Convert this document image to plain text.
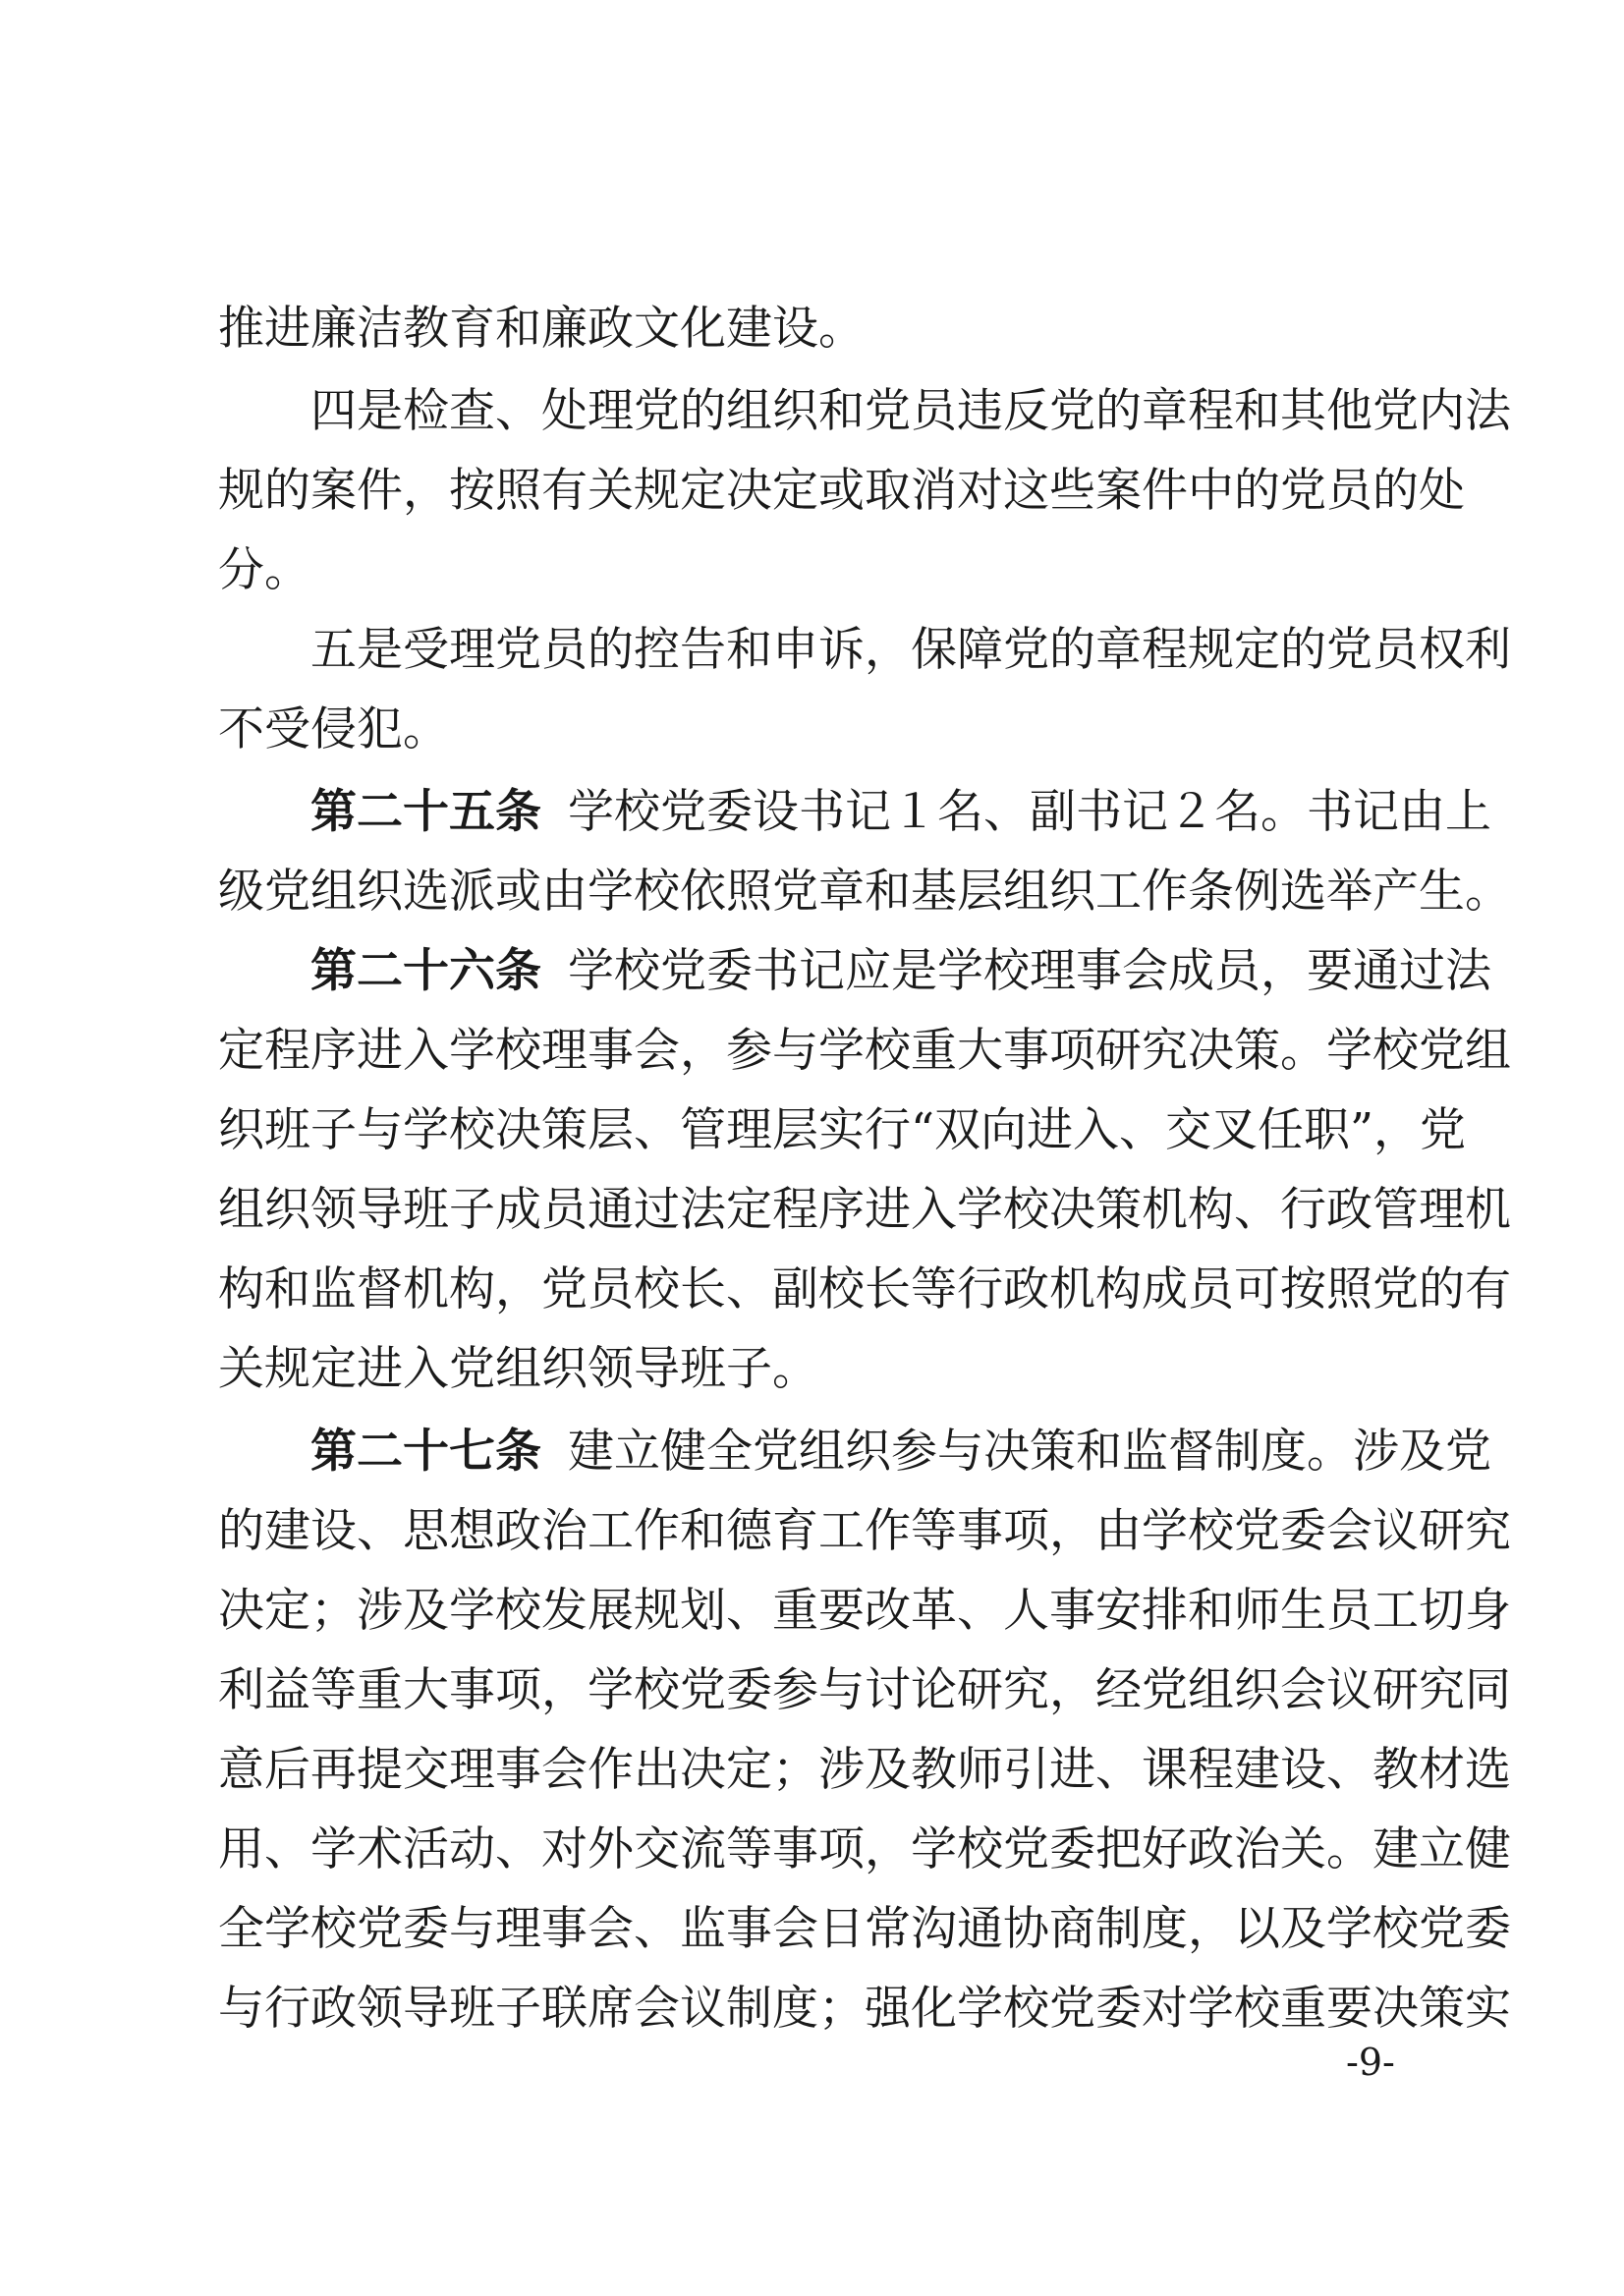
推进廉洁教育和廉政文化建设。
四是检查、处理党的组织和党员违反党的章程和其他党内法
规的案件，按照有关规定决定或取消对这些案件中的党员的处
分。
五是受理党员的控告和申诉，保障党的章程规定的党员权利
不受侵犯。
第二十五条 学校党委设书记１名、副书记２名。书记由上
级党组织选派或由学校依照党章和基层组织工作条例选举产生。
第二十六条 学校党委书记应是学校理事会成员，要通过法
定程序进入学校理事会，参与学校重大事项研究决策。学校党组
织班子与学校决策层、管理层实行“双向进入、交叉任职”，党
组织领导班子成员通过法定程序进入学校决策机构、行政管理机
构和监督机构，党员校长、副校长等行政机构成员可按照党的有
关规定进入党组织领导班子。
第二十七条 建立健全党组织参与决策和监督制度。涉及党
的建设、思想政治工作和德育工作等事项，由学校党委会议研究
决定；涉及学校发展规划、重要改革、人事安排和师生员工切身
利益等重大事项，学校党委参与讨论研究，经党组织会议研究同
意后再提交理事会作出决定；涉及教师引进、课程建设、教材选
用、学术活动、对外交流等事项，学校党委把好政治关。建立健
全学校党委与理事会、监事会日常沟通协商制度，以及学校党委
与行政领导班子联席会议制度；强化学校党委对学校重要决策实
-9-
